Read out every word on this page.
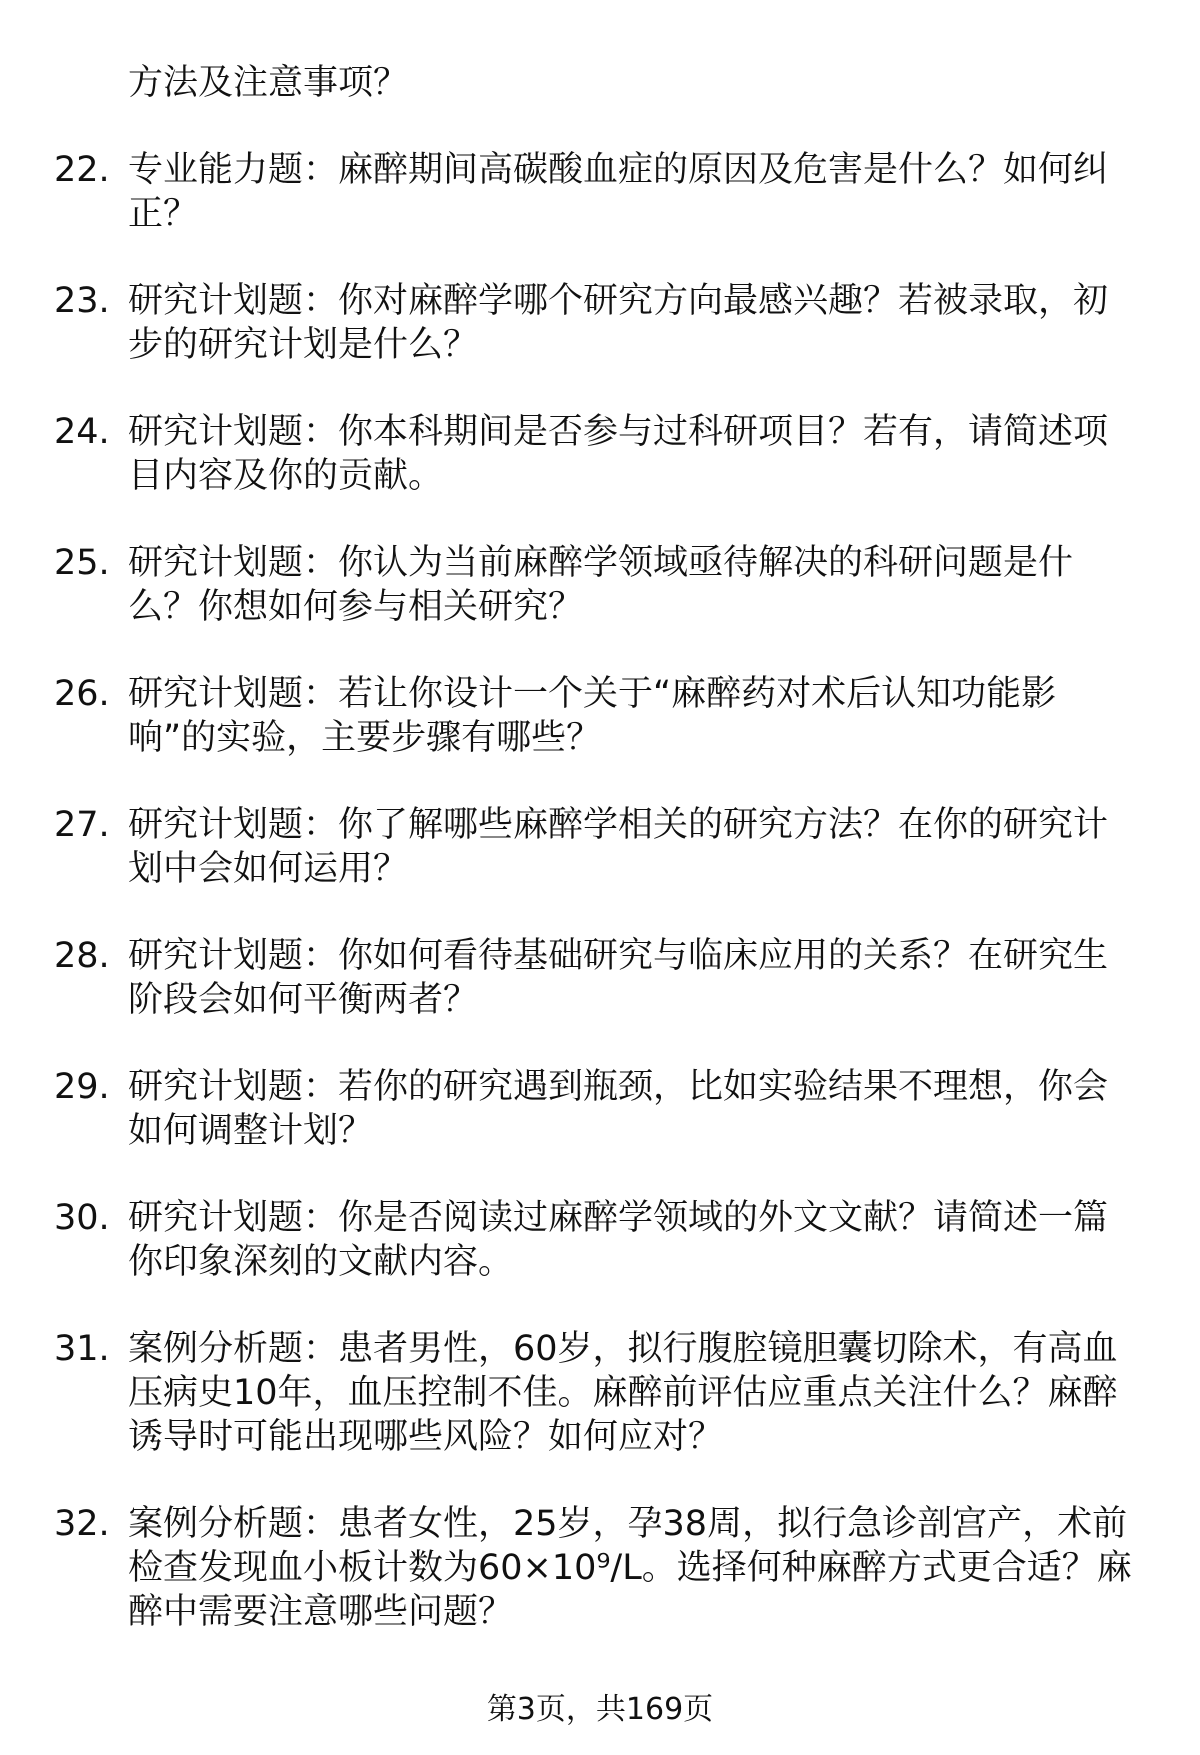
方法及注意事项？
22. 专业能力题：麻醉期间高碳酸血症的原因及危害是什么？如何纠
正？
23. 研究计划题：你对麻醉学哪个研究方向最感兴趣？若被录取，初
步的研究计划是什么？
24. 研究计划题：你本科期间是否参与过科研项目？若有，请简述项
目内容及你的贡献。
25. 研究计划题：你认为当前麻醉学领域亟待解决的科研问题是什
么？你想如何参与相关研究？
26. 研究计划题：若让你设计一个关于“麻醉药对术后认知功能影
响”的实验，主要步骤有哪些？
27. 研究计划题：你了解哪些麻醉学相关的研究方法？在你的研究计
划中会如何运用？
28. 研究计划题：你如何看待基础研究与临床应用的关系？在研究生
阶段会如何平衡两者？
29. 研究计划题：若你的研究遇到瓶颈，比如实验结果不理想，你会
如何调整计划？
30. 研究计划题：你是否阅读过麻醉学领域的外文文献？请简述一篇
你印象深刻的文献内容。
31. 案例分析题：患者男性，60岁，拟行腹腔镜胆囊切除术，有高血
压病史10年，血压控制不佳。麻醉前评估应重点关注什么？麻醉
诱导时可能出现哪些风险？如何应对？
32. 案例分析题：患者女性，25岁，孕38周，拟行急诊剖宫产，术前
检查发现血小板计数为60×10⁹/L。选择何种麻醉方式更合适？麻
醉中需要注意哪些问题？
第3页，共169页
